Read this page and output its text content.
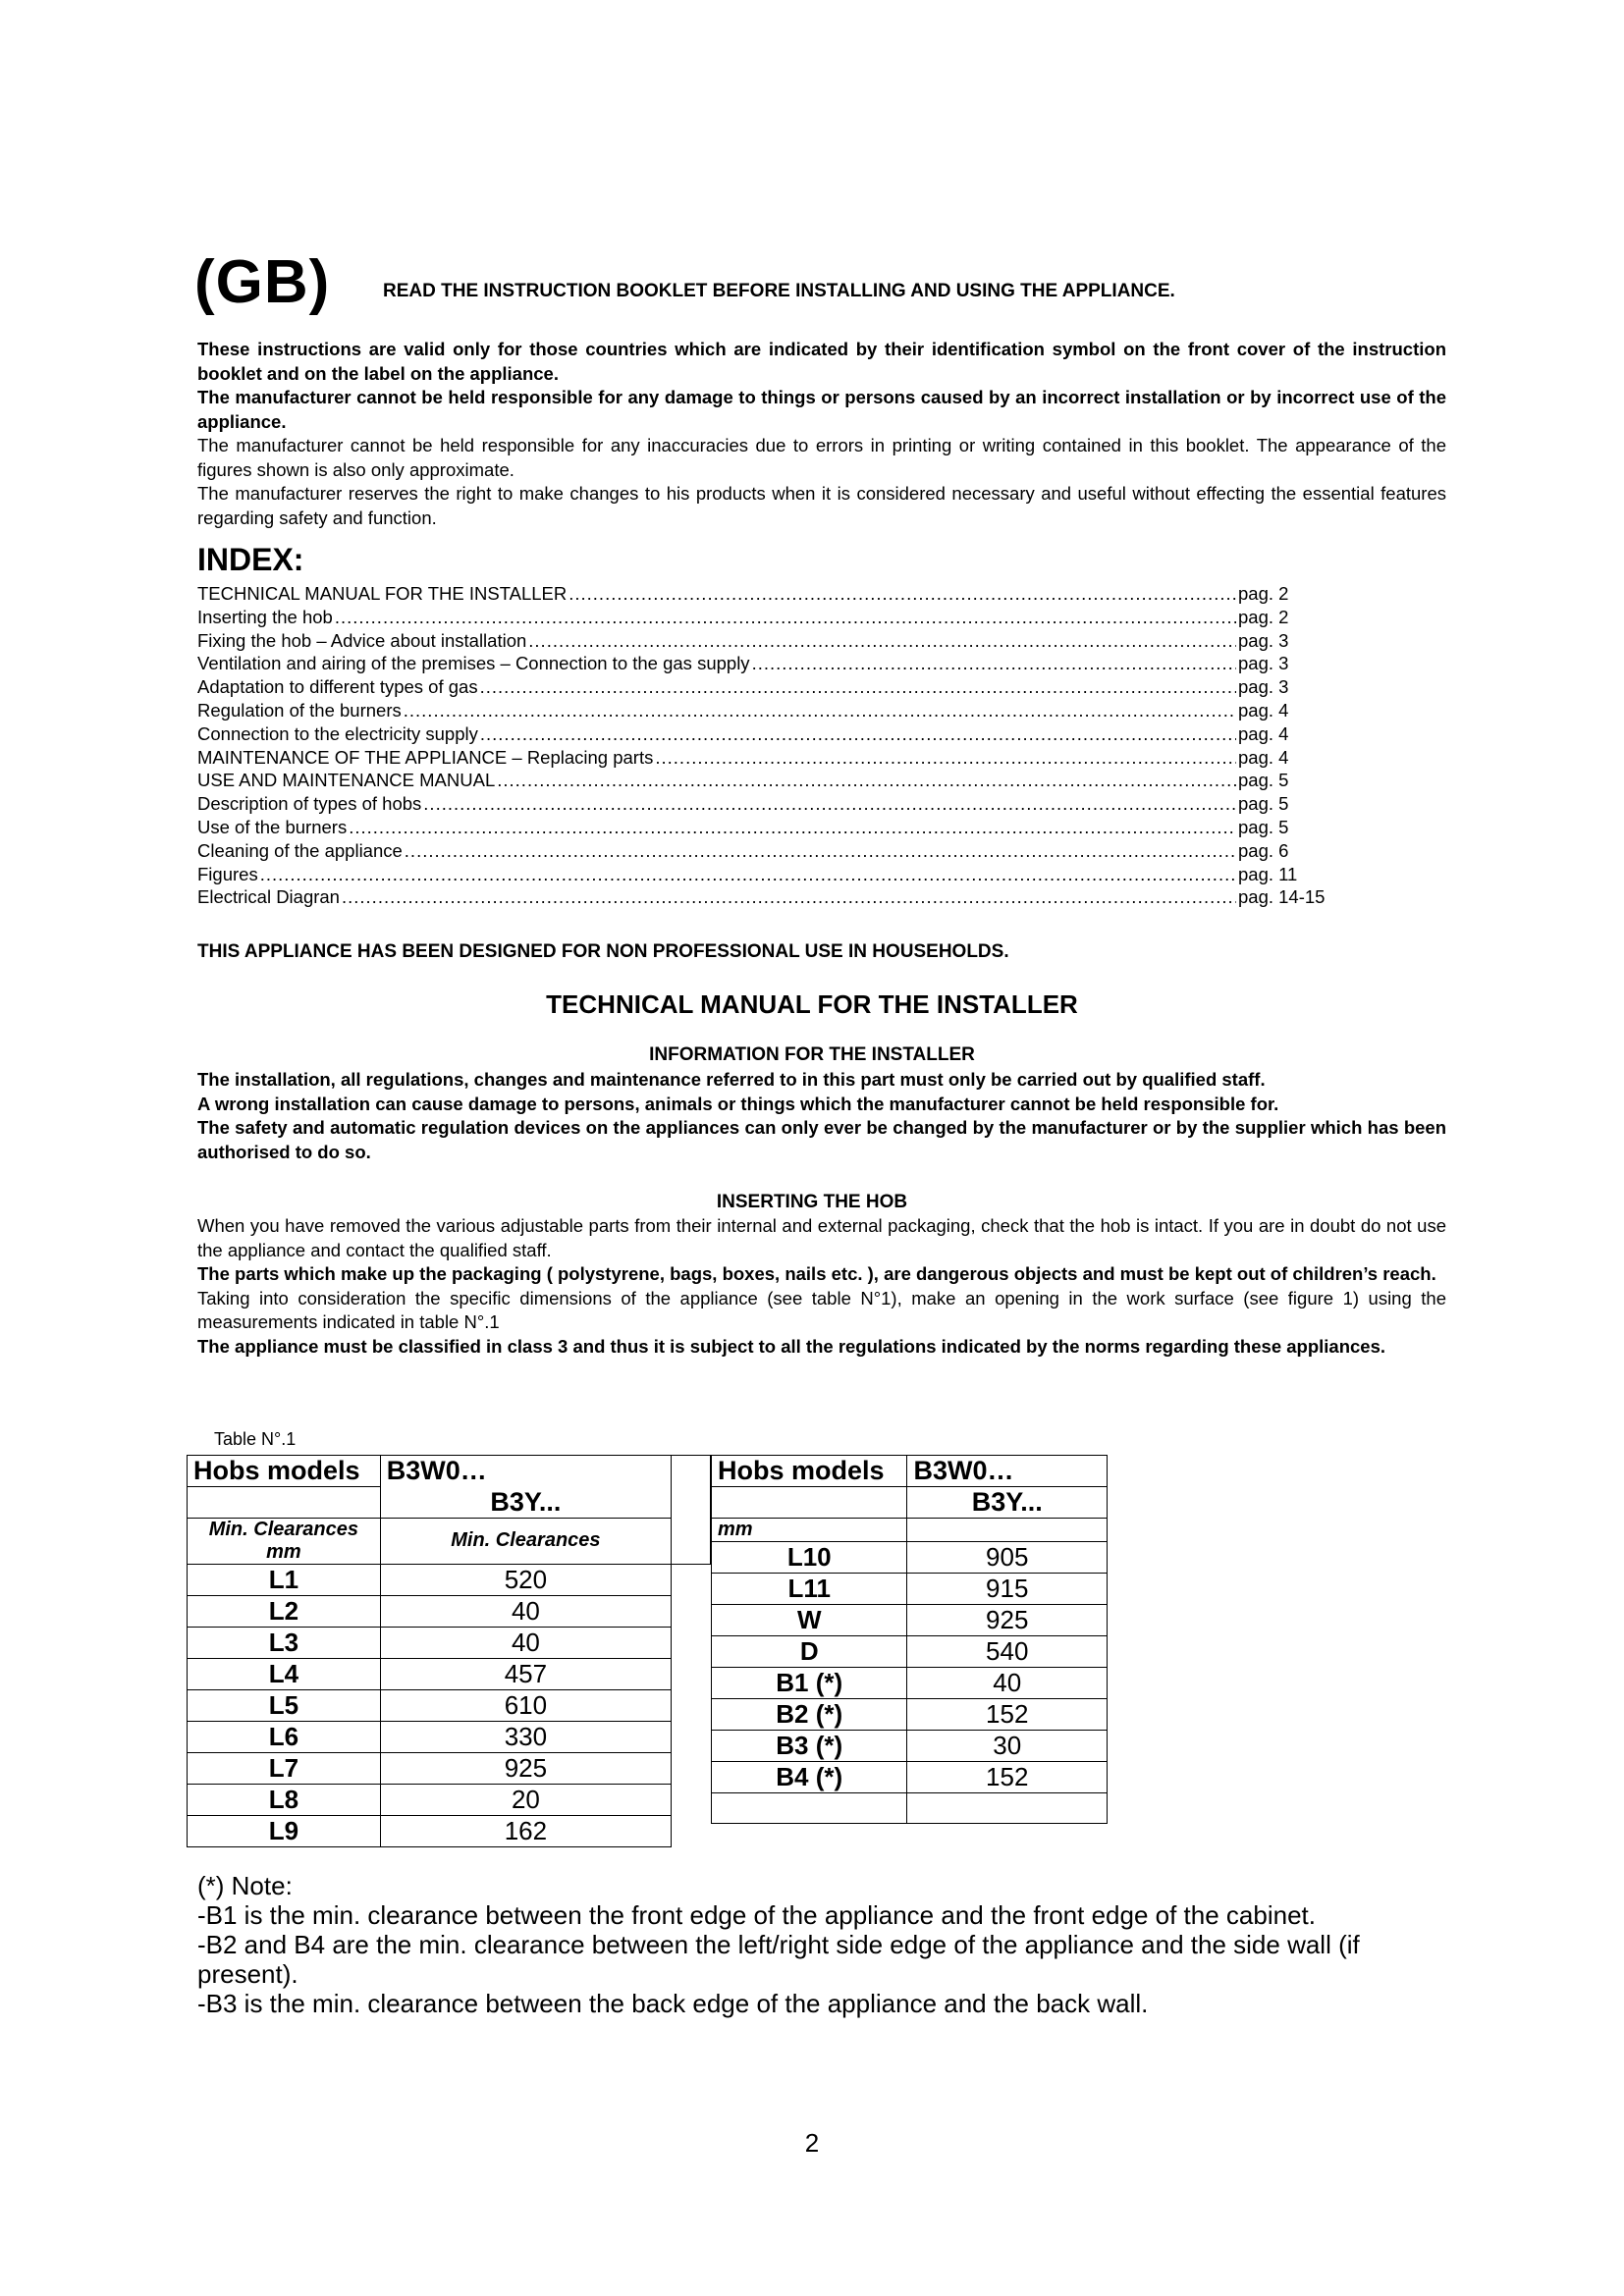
(GB)	READ THE INSTRUCTION BOOKLET BEFORE INSTALLING AND USING THE APPLIANCE.

These instructions are valid only for those countries which are indicated by their identification symbol on the front cover of the instruction booklet and on the label on the appliance.

The manufacturer cannot be held responsible for any damage to things or persons caused by an incorrect installation or by incorrect use of the appliance.

The manufacturer cannot be held responsible for any inaccuracies due to errors in printing or writing contained in this booklet. The appearance of the figures shown is also only approximate.

The manufacturer reserves the right to make changes to his products when it is considered necessary and useful without effecting the essential features regarding safety and function.

INDEX:
TECHNICAL MANUAL FOR THE INSTALLER .....	pag. 2
Inserting the hob .....	pag. 2
Fixing the hob – Advice about installation .....	pag. 3
Ventilation and airing of the premises – Connection to the gas supply .....	pag. 3
Adaptation to different types of gas .....	pag. 3
Regulation of the burners .....	pag. 4
Connection to the electricity supply .....	pag. 4
MAINTENANCE OF THE APPLIANCE – Replacing parts .....	pag. 4
USE AND MAINTENANCE MANUAL .....	pag. 5
Description of types of hobs .....	pag. 5
Use of the burners .....	pag. 5
Cleaning of the appliance .....	pag. 6
Figures .....	pag. 11
Electrical Diagran .....	pag. 14-15
THIS APPLIANCE HAS BEEN DESIGNED FOR NON PROFESSIONAL USE IN HOUSEHOLDS.
TECHNICAL MANUAL FOR THE INSTALLER
INFORMATION FOR THE INSTALLER

The installation, all regulations, changes and maintenance referred to in this part must only be carried out by qualified staff.

A wrong installation can cause damage to persons, animals or things which the manufacturer cannot be held responsible for.

The safety and automatic regulation devices on the appliances can only ever be changed by the manufacturer or by the supplier which has been authorised to do so.

INSERTING THE HOB

When you have removed the various adjustable parts from their internal and external packaging, check that the hob is intact. If you are in doubt do not use the appliance and contact the qualified staff.

The parts which make up the packaging ( polystyrene, bags, boxes, nails etc. ), are dangerous objects and must be kept out of children’s reach.

Taking into consideration the specific dimensions of the appliance (see table N°1), make an opening in the work surface (see figure 1) using the measurements indicated in table N°.1

The appliance must be classified in class 3 and thus it is subject to all the regulations indicated by the norms regarding these appliances.

Table N°.1
Hobs models	B3W0…	
	B3Y...	
Min. Clearances mm	Min. Clearances	
L1	520	
L2	40	
L3	40	
L4	457	
L5	610	
L6	330	
L7	925	
L8	20	
L9	162	
Hobs models	B3W0…
	B3Y...
mm	
L10	905
L11	915
W	925
D	540
B1 (*)	40
B2 (*)	152
B3 (*)	30
B4 (*)	152

(*) Note:

-B1 is the min. clearance between the front edge of the appliance and the front edge of the cabinet.

-B2 and B4 are the min. clearance between the left/right side edge of the appliance and the side wall (if present).

-B3 is the min. clearance between the back edge of the appliance and the back wall.

2
